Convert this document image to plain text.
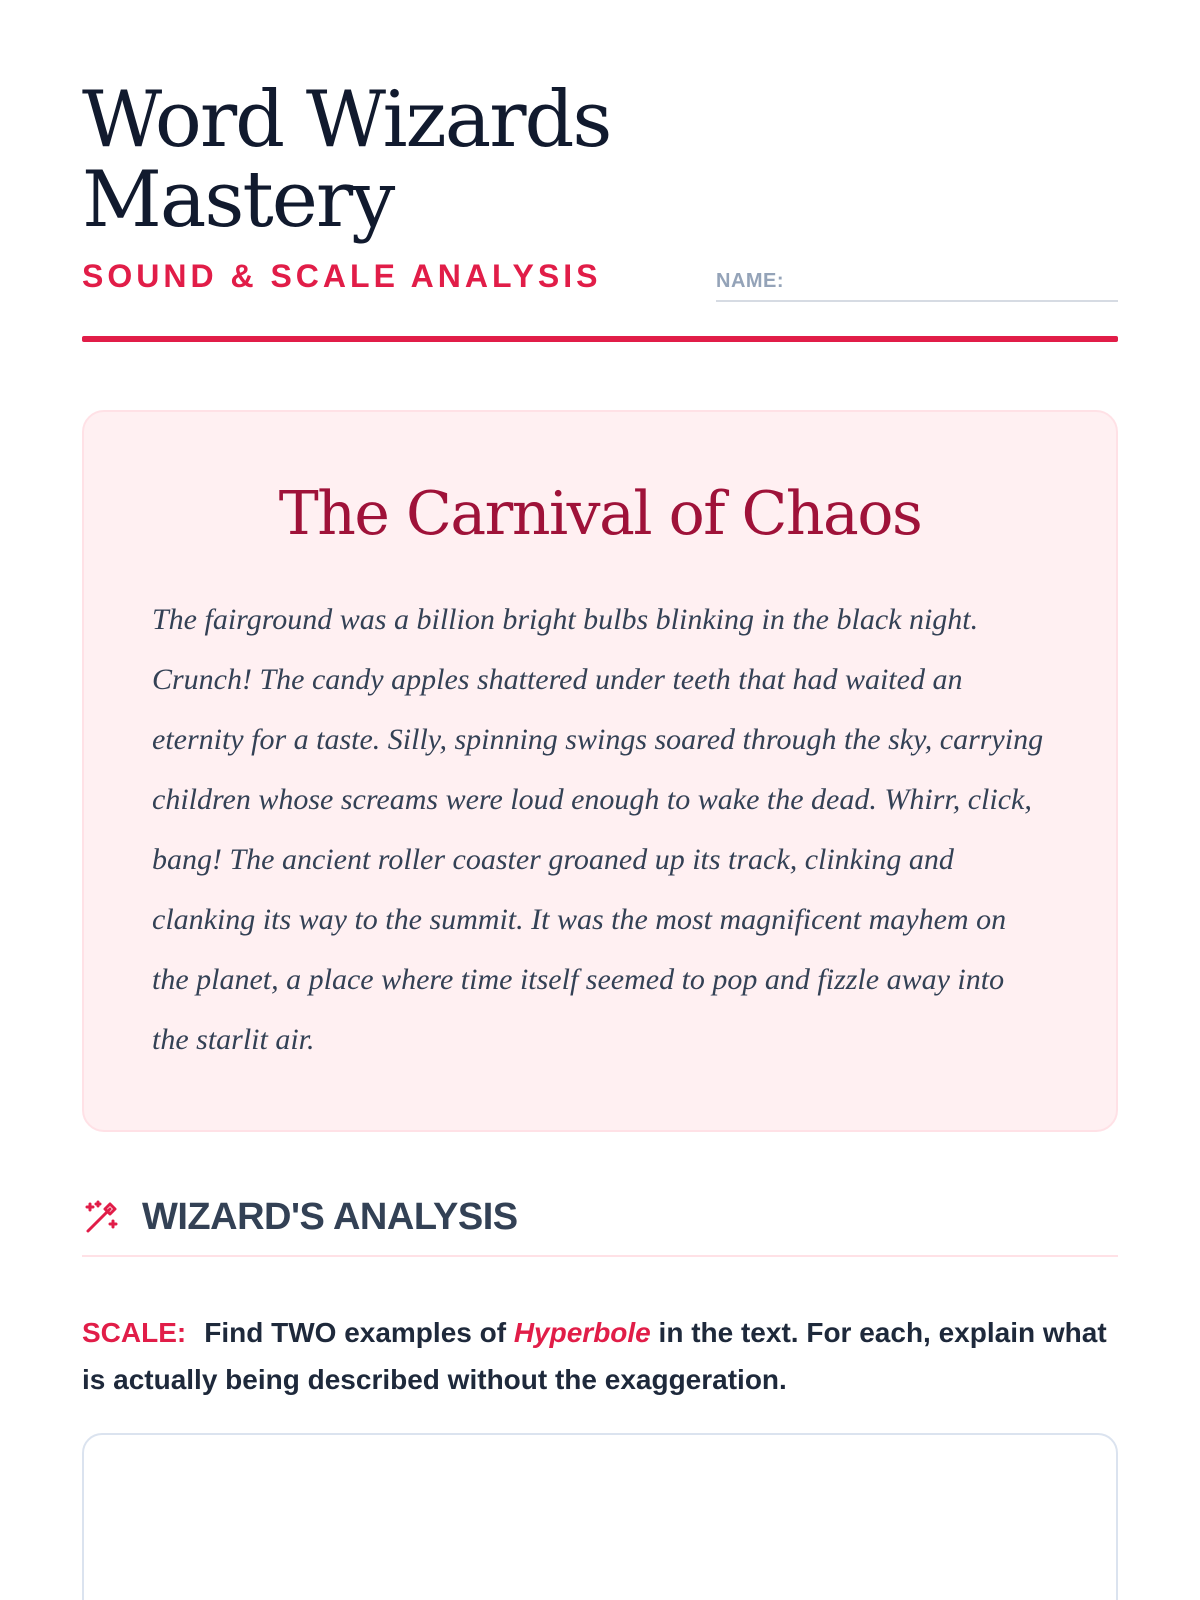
Word Wizards
Mastery
SOUND & SCALE ANALYSIS	NAME:
The Carnival of Chaos

The fairground was a billion bright bulbs blinking in the black night. Crunch! The candy apples shattered under teeth that had waited an eternity for a taste. Silly, spinning swings soared through the sky, carrying children whose screams were loud enough to wake the dead. Whirr, click, bang! The ancient roller coaster groaned up its track, clinking and clanking its way to the summit. It was the most magnificent mayhem on the planet, a place where time itself seemed to pop and fizzle away into the starlit air.

WIZARD'S ANALYSIS
SCALE: Find TWO examples of Hyperbole in the text. For each, explain what is actually being described without the exaggeration.
